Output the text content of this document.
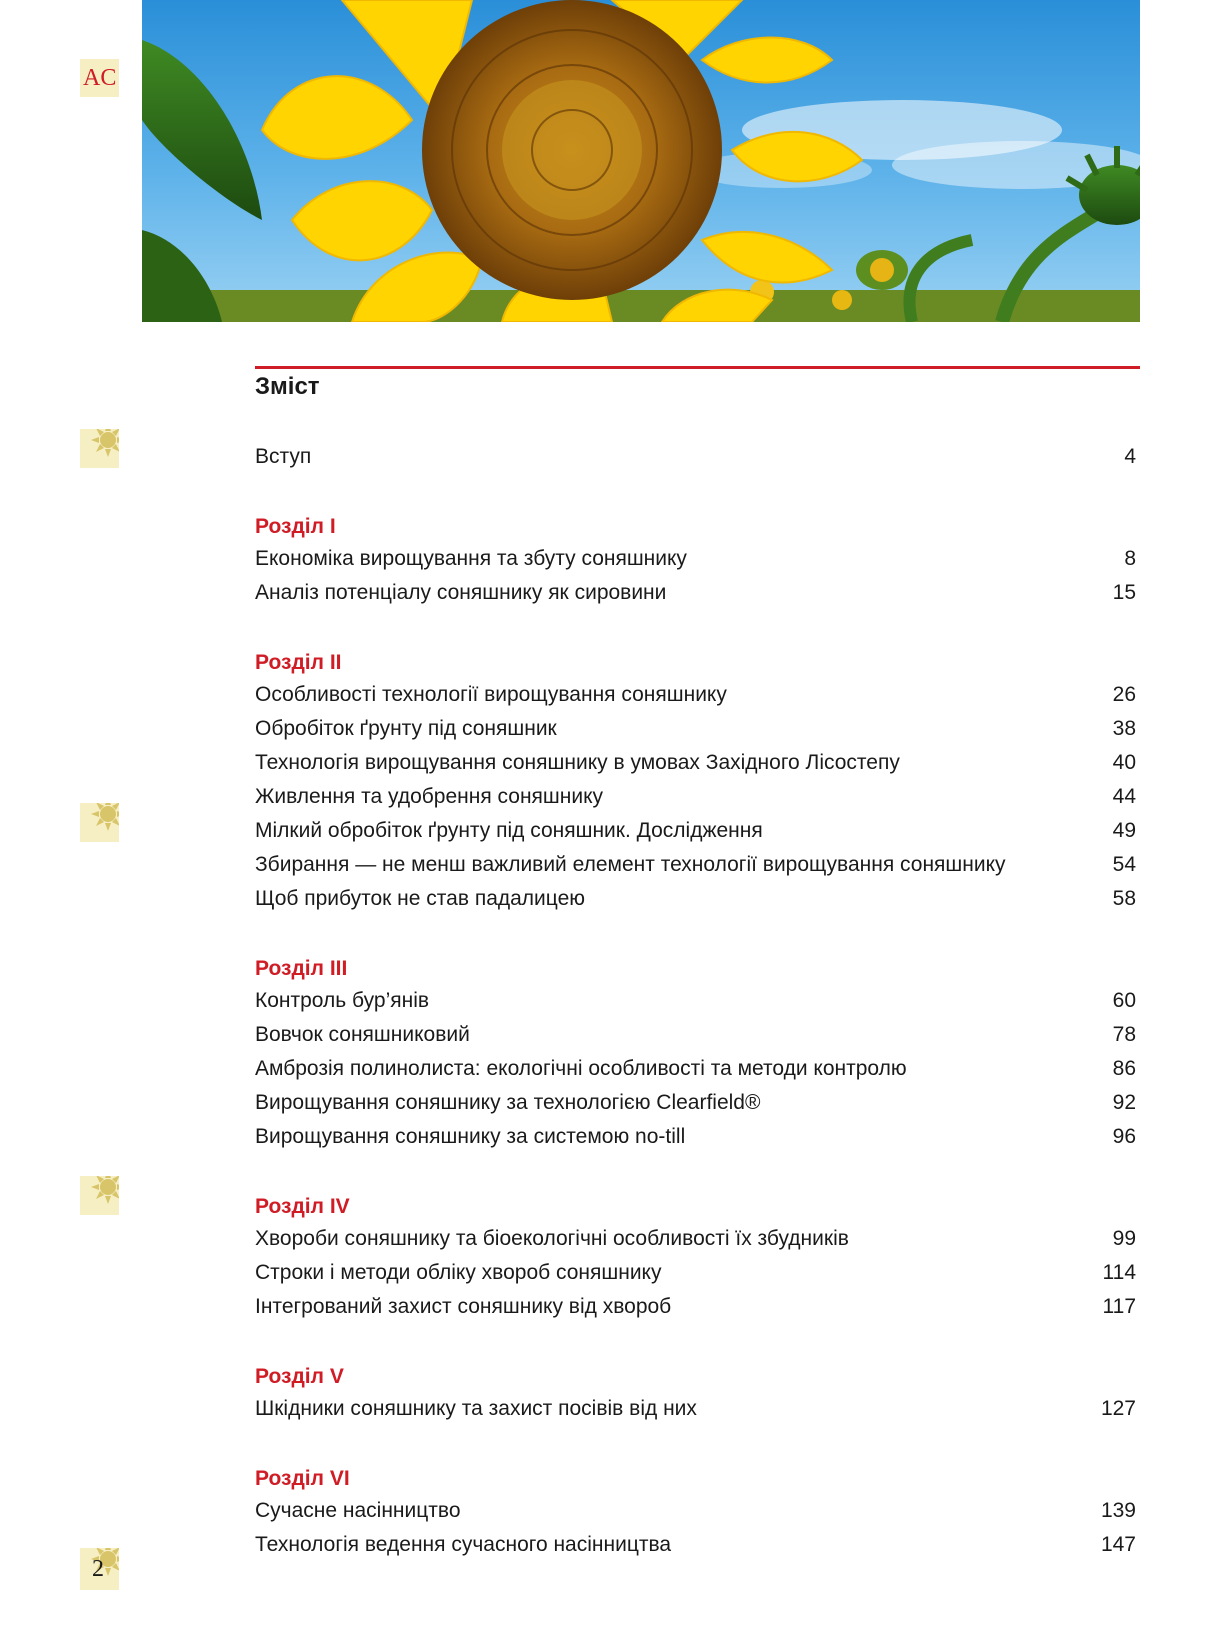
AC
2
Зміст
Вступ	4
Розділ I
Економіка вирощування та збуту соняшнику	8
Аналіз потенціалу соняшнику як сировини	15
Розділ II
Особливості технології вирощування соняшнику	26
Обробіток ґрунту під соняшник	38
Технологія вирощування соняшнику в умовах Західного Лісостепу	40
Живлення та удобрення соняшнику	44
Мілкий обробіток ґрунту під соняшник. Дослідження	49
Збирання — не менш важливий елемент технології вирощування соняшнику	54
Щоб прибуток не став падалицею	58
Розділ III
Контроль бур’янів	60
Вовчок соняшниковий	78
Амброзія полинолиста: екологічні особливості та методи контролю	86
Вирощування соняшнику за технологією Clearfield®	92
Вирощування соняшнику за системою no-till	96
Розділ IV
Хвороби соняшнику та біоекологічні особливості їх збудників	99
Строки і методи обліку хвороб соняшнику	114
Інтегрований захист соняшнику від хвороб	117
Розділ V
Шкідники соняшнику та захист посівів від них	127
Розділ VI
Сучасне насінництво	139
Технологія ведення сучасного насінництва	147
